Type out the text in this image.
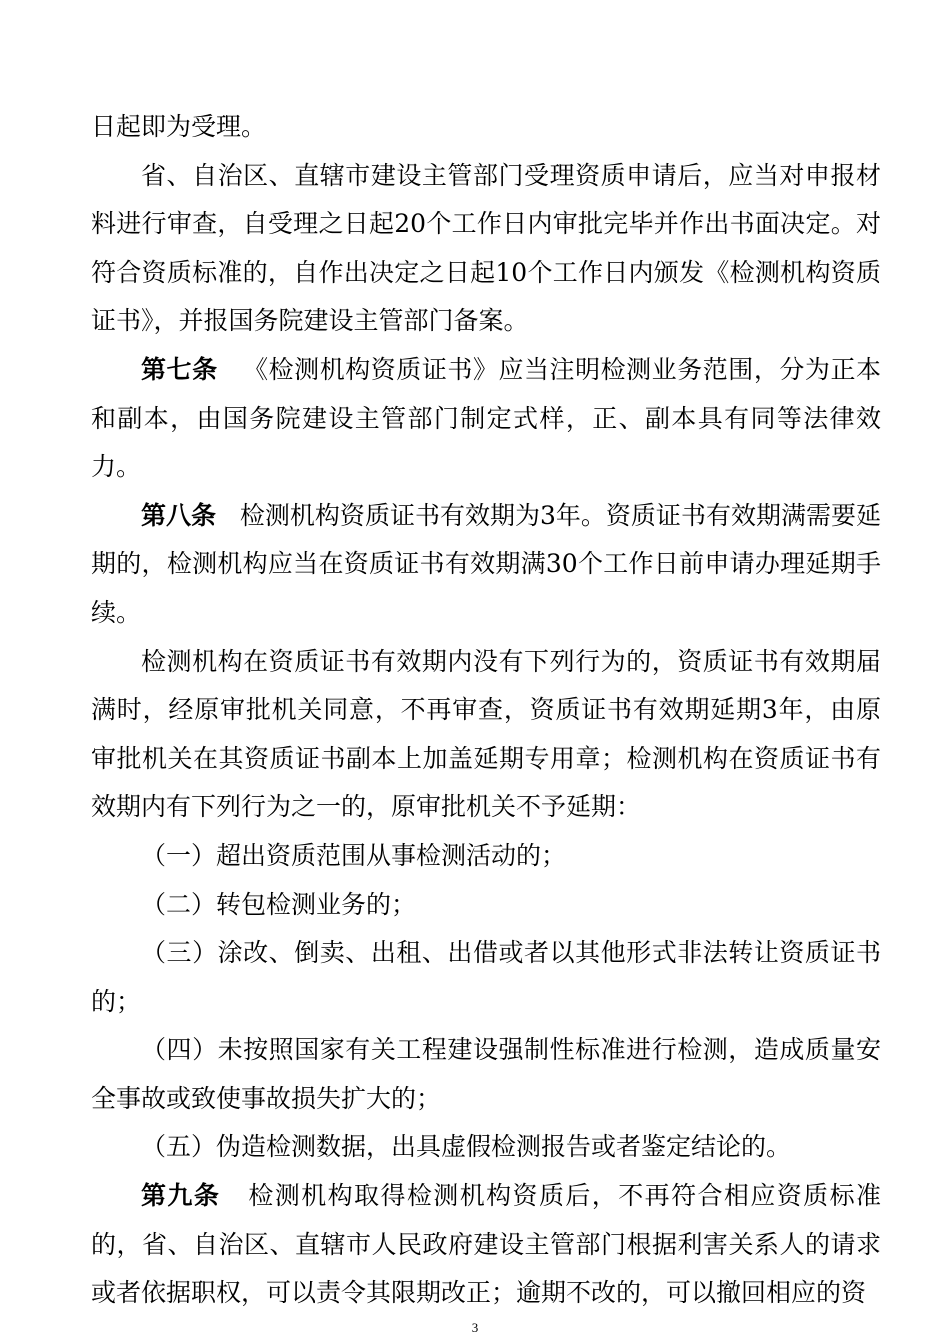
日起即为受理。

省、自治区、直辖市建设主管部门受理资质申请后，应当对申报材料进行审查，自受理之日起20个工作日内审批完毕并作出书面决定。对符合资质标准的，自作出决定之日起10个工作日内颁发《检测机构资质证书》，并报国务院建设主管部门备案。

第七条 《检测机构资质证书》应当注明检测业务范围，分为正本和副本，由国务院建设主管部门制定式样，正、副本具有同等法律效力。

第八条 检测机构资质证书有效期为3年。资质证书有效期满需要延期的，检测机构应当在资质证书有效期满30个工作日前申请办理延期手续。

检测机构在资质证书有效期内没有下列行为的，资质证书有效期届满时，经原审批机关同意，不再审查，资质证书有效期延期3年，由原审批机关在其资质证书副本上加盖延期专用章；检测机构在资质证书有效期内有下列行为之一的，原审批机关不予延期：

（一）超出资质范围从事检测活动的；

（二）转包检测业务的；

（三）涂改、倒卖、出租、出借或者以其他形式非法转让资质证书的；

（四）未按照国家有关工程建设强制性标准进行检测，造成质量安全事故或致使事故损失扩大的；

（五）伪造检测数据，出具虚假检测报告或者鉴定结论的。

第九条 检测机构取得检测机构资质后，不再符合相应资质标准的，省、自治区、直辖市人民政府建设主管部门根据利害关系人的请求或者依据职权，可以责令其限期改正；逾期不改的，可以撤回相应的资

3
